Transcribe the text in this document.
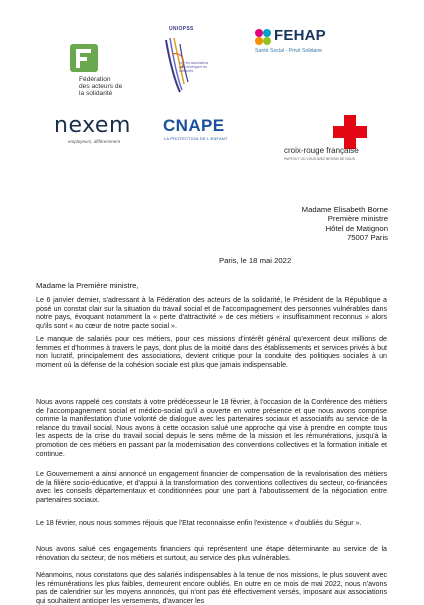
Fédération
des acteurs de
la solidarité
UNIOPSS
Unir les associations pour développer les solidarités
FEHAP
Santé Social - Privé Solidaire
nexem
employeurs, différemment
CNAPE
LA PROTECTION DE L'ENFANT
croix-rouge française
PARTOUT OÙ VOUS AVEZ BESOIN DE NOUS
Madame Elisabeth Borne
Première ministre
Hôtel de Matignon
75007 Paris
Paris, le 18 mai 2022
Madame la Première ministre,

Le 6 janvier dernier, s'adressant à la Fédération des acteurs de la solidarité, le Président de la République a posé un constat clair sur la situation du travail social et de l'accompagnement des personnes vulnérables dans notre pays, évoquant notamment la « perte d'attractivité » de ces métiers « insuffisamment reconnus » alors qu'ils sont « au cœur de notre pacte social ».

Le manque de salariés pour ces métiers, pour ces missions d'intérêt général qu'exercent deux millions de femmes et d'hommes à travers le pays, dont plus de la moitié dans des établissements et services privés à but non lucratif, principalement des associations, devient critique pour la conduite des politiques sociales à un moment où la défense de la cohésion sociale est plus que jamais indispensable.

Nous avons rappelé ces constats à votre prédécesseur le 18 février, à l'occasion de la Conférence des métiers de l'accompagnement social et médico-social qu'il a ouverte en votre présence et que nous avons comprise comme la manifestation d'une volonté de dialogue avec les partenaires sociaux et associatifs au service de la relance du travail social. Nous avons à cette occasion salué une approche qui vise à prendre en compte tous les aspects de la crise du travail social depuis le sens même de la mission et les rémunérations, jusqu'à la promotion de ces métiers en passant par la modernisation des conventions collectives et la formation initiale et continue.

Le Gouvernement a ainsi annoncé un engagement financier de compensation de la revalorisation des métiers de la filière socio-éducative, et d'appui à la transformation des conventions collectives du secteur, co-financées avec les conseils départementaux et conditionnées pour une part à l'aboutissement de la négociation entre partenaires sociaux.

Le 18 février, nous nous sommes réjouis que l'Etat reconnaisse enfin l'existence « d'oubliés du Ségur ».

Nous avons salué ces engagements financiers qui représentent une étape déterminante au service de la rénovation du secteur, de nos métiers et surtout, au service des plus vulnérables.

Néanmoins, nous constatons que des salariés indispensables à la tenue de nos missions, le plus souvent avec les rémunérations les plus faibles, demeurent encore oubliés. En outre en ce mois de mai 2022, nous n'avons pas de calendrier sur les moyens annoncés, qui n'ont pas été effectivement versés, imposant aux associations qui souhaitent anticiper les versements, d'avancer les
